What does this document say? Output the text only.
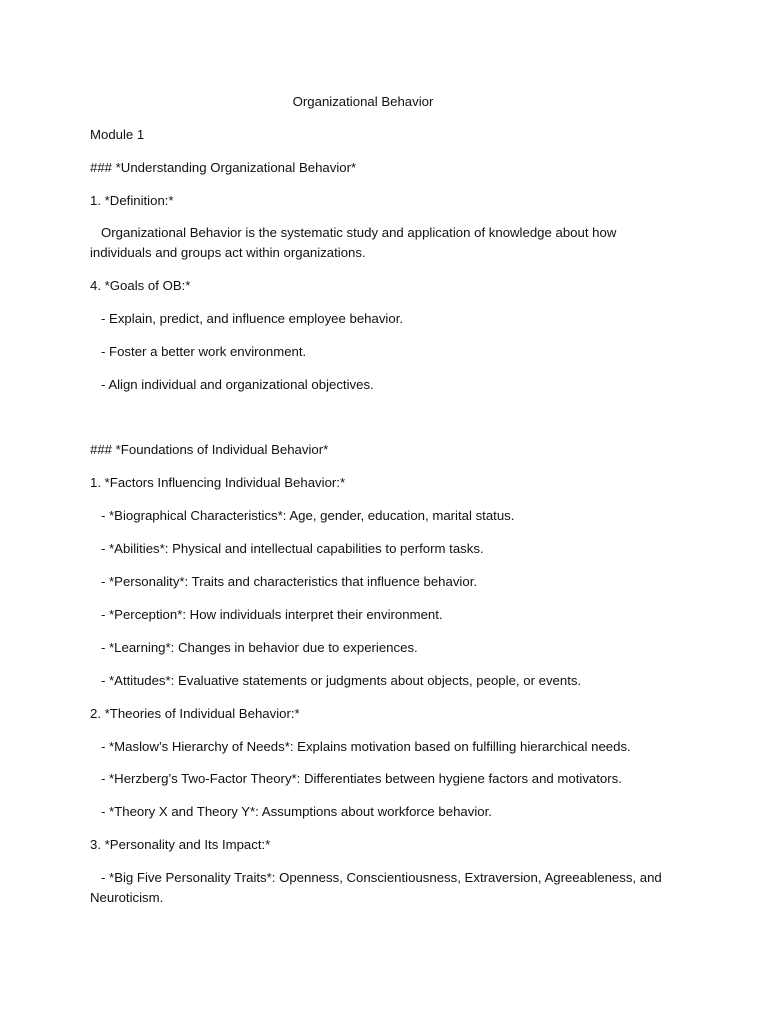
Organizational Behavior
Module 1
### *Understanding Organizational Behavior*
1. *Definition:*
Organizational Behavior is the systematic study and application of knowledge about how individuals and groups act within organizations.
4. *Goals of OB:*
- Explain, predict, and influence employee behavior.
- Foster a better work environment.
- Align individual and organizational objectives.
### *Foundations of Individual Behavior*
1. *Factors Influencing Individual Behavior:*
- *Biographical Characteristics*: Age, gender, education, marital status.
- *Abilities*: Physical and intellectual capabilities to perform tasks.
- *Personality*: Traits and characteristics that influence behavior.
- *Perception*: How individuals interpret their environment.
- *Learning*: Changes in behavior due to experiences.
- *Attitudes*: Evaluative statements or judgments about objects, people, or events.
2. *Theories of Individual Behavior:*
- *Maslow’s Hierarchy of Needs*: Explains motivation based on fulfilling hierarchical needs.
- *Herzberg’s Two-Factor Theory*: Differentiates between hygiene factors and motivators.
- *Theory X and Theory Y*: Assumptions about workforce behavior.
3. *Personality and Its Impact:*
- *Big Five Personality Traits*: Openness, Conscientiousness, Extraversion, Agreeableness, and Neuroticism.
